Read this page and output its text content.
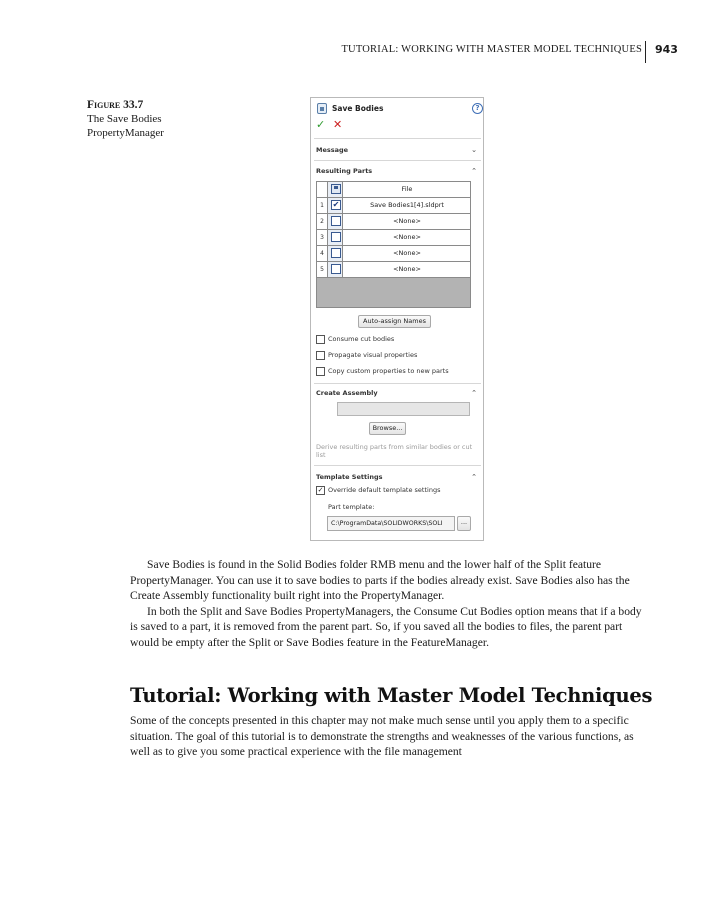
TUTORIAL: WORKING WITH MASTER MODEL TECHNIQUES 943
Figure 33.7
The Save Bodies
PropertyManager
Save Bodies	?
✓ ✕
Message	⌄
Resulting Parts	⌃
File
1	✔	Save Bodies1[4].sldprt
2	<None>
3	<None>
4	<None>
5	<None>
Auto-assign Names
Consume cut bodies
Propagate visual properties
Copy custom properties to new parts
Create Assembly	⌃
Browse...
Derive resulting parts from similar bodies or cut list
Template Settings	⌃
✓ Override default template settings
Part template:
C:\ProgramData\SOLIDWORKS\SOLI	...

Save Bodies is found in the Solid Bodies folder RMB menu and the lower half of the Split feature PropertyManager. You can use it to save bodies to parts if the bodies already exist. Save Bodies also has the Create Assembly functionality built right into the PropertyManager.

In both the Split and Save Bodies PropertyManagers, the Consume Cut Bodies option means that if a body is saved to a part, it is removed from the parent part. So, if you saved all the bodies to files, the parent part would be empty after the Split or Save Bodies feature in the FeatureManager.

Tutorial: Working with Master Model Techniques

Some of the concepts presented in this chapter may not make much sense until you apply them to a specific situation. The goal of this tutorial is to demonstrate the strengths and weaknesses of the various functions, as well as to give you some practical experience with the file management
